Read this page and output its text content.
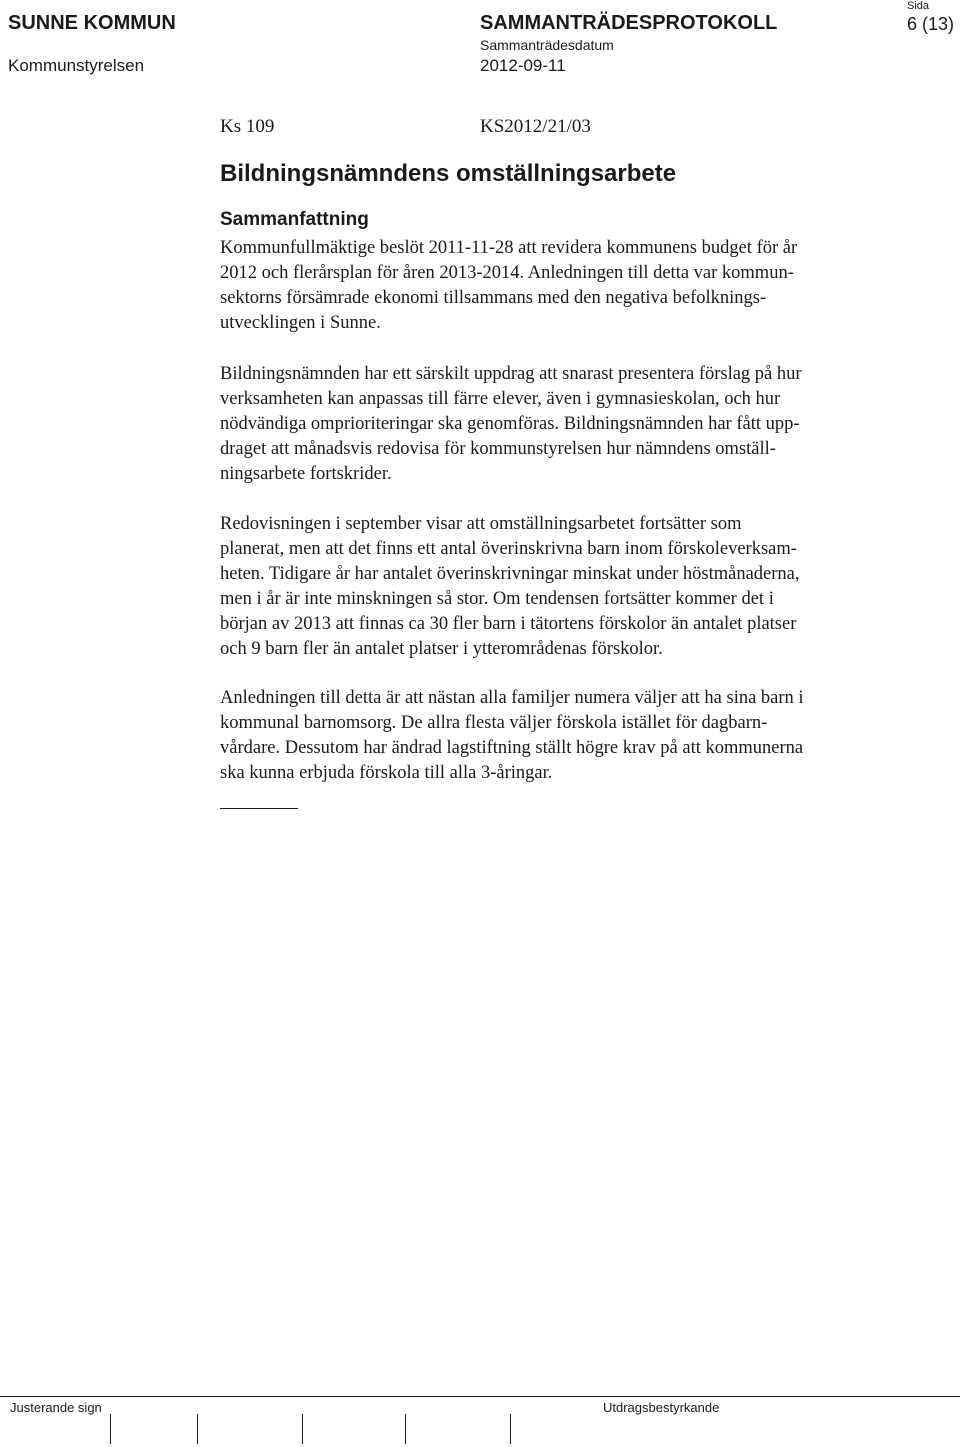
SUNNE KOMMUN
Kommunstyrelsen
SAMMANTRÄDESPROTOKOLL
Sammanträdesdatum
2012-09-11
Sida
6 (13)
Ks 109	KS2012/21/03
Bildningsnämndens omställningsarbete
Sammanfattning

Kommunfullmäktige beslöt 2011-11-28 att revidera kommunens budget för år
2012 och flerårsplan för åren 2013-2014. Anledningen till detta var kommun-
sektorns försämrade ekonomi tillsammans med den negativa befolknings-
utvecklingen i Sunne.

Bildningsnämnden har ett särskilt uppdrag att snarast presentera förslag på hur
verksamheten kan anpassas till färre elever, även i gymnasieskolan, och hur
nödvändiga omprioriteringar ska genomföras. Bildningsnämnden har fått upp-
draget att månadsvis redovisa för kommunstyrelsen hur nämndens omställ-
ningsarbete fortskrider.

Redovisningen i september visar att omställningsarbetet fortsätter som
planerat, men att det finns ett antal överinskrivna barn inom förskoleverksam-
heten. Tidigare år har antalet överinskrivningar minskat under höstmånaderna,
men i år är inte minskningen så stor. Om tendensen fortsätter kommer det i
början av 2013 att finnas ca 30 fler barn i tätortens förskolor än antalet platser
och 9 barn fler än antalet platser i ytterområdenas förskolor.

Anledningen till detta är att nästan alla familjer numera väljer att ha sina barn i
kommunal barnomsorg. De allra flesta väljer förskola istället för dagbarn-
vårdare. Dessutom har ändrad lagstiftning ställt högre krav på att kommunerna
ska kunna erbjuda förskola till alla 3-åringar.

Justerande sign	Utdragsbestyrkande
